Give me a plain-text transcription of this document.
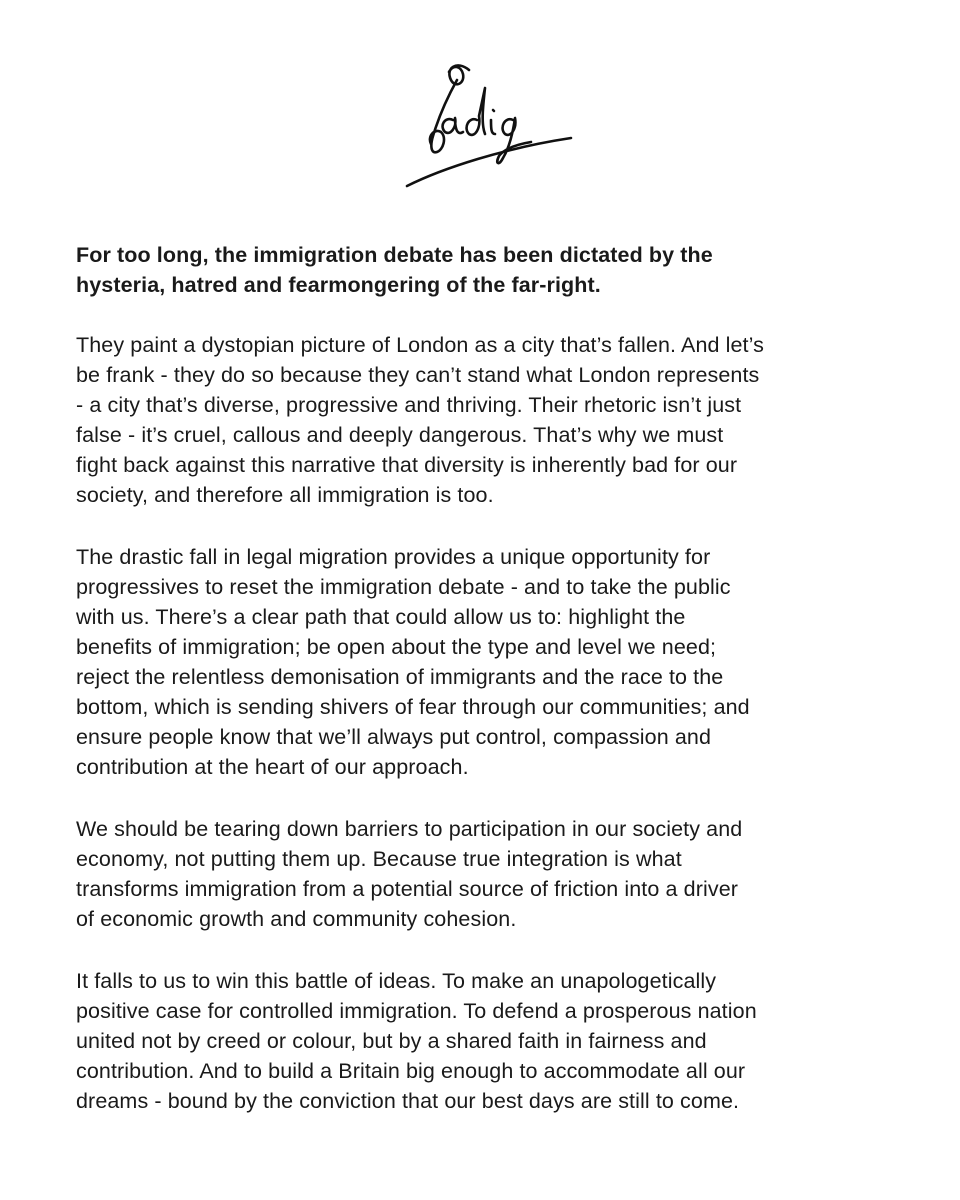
For too long, the immigration debate has been dictated by the
hysteria, hatred and fearmongering of the far-right.

They paint a dystopian picture of London as a city that’s fallen. And let’s
be frank - they do so because they can’t stand what London represents
- a city that’s diverse, progressive and thriving. Their rhetoric isn’t just
false - it’s cruel, callous and deeply dangerous. That’s why we must
fight back against this narrative that diversity is inherently bad for our
society, and therefore all immigration is too.

The drastic fall in legal migration provides a unique opportunity for
progressives to reset the immigration debate - and to take the public
with us. There’s a clear path that could allow us to: highlight the
benefits of immigration; be open about the type and level we need;
reject the relentless demonisation of immigrants and the race to the
bottom, which is sending shivers of fear through our communities; and
ensure people know that we’ll always put control, compassion and
contribution at the heart of our approach.

We should be tearing down barriers to participation in our society and
economy, not putting them up. Because true integration is what
transforms immigration from a potential source of friction into a driver
of economic growth and community cohesion.

It falls to us to win this battle of ideas. To make an unapologetically
positive case for controlled immigration. To defend a prosperous nation
united not by creed or colour, but by a shared faith in fairness and
contribution. And to build a Britain big enough to accommodate all our
dreams - bound by the conviction that our best days are still to come.
